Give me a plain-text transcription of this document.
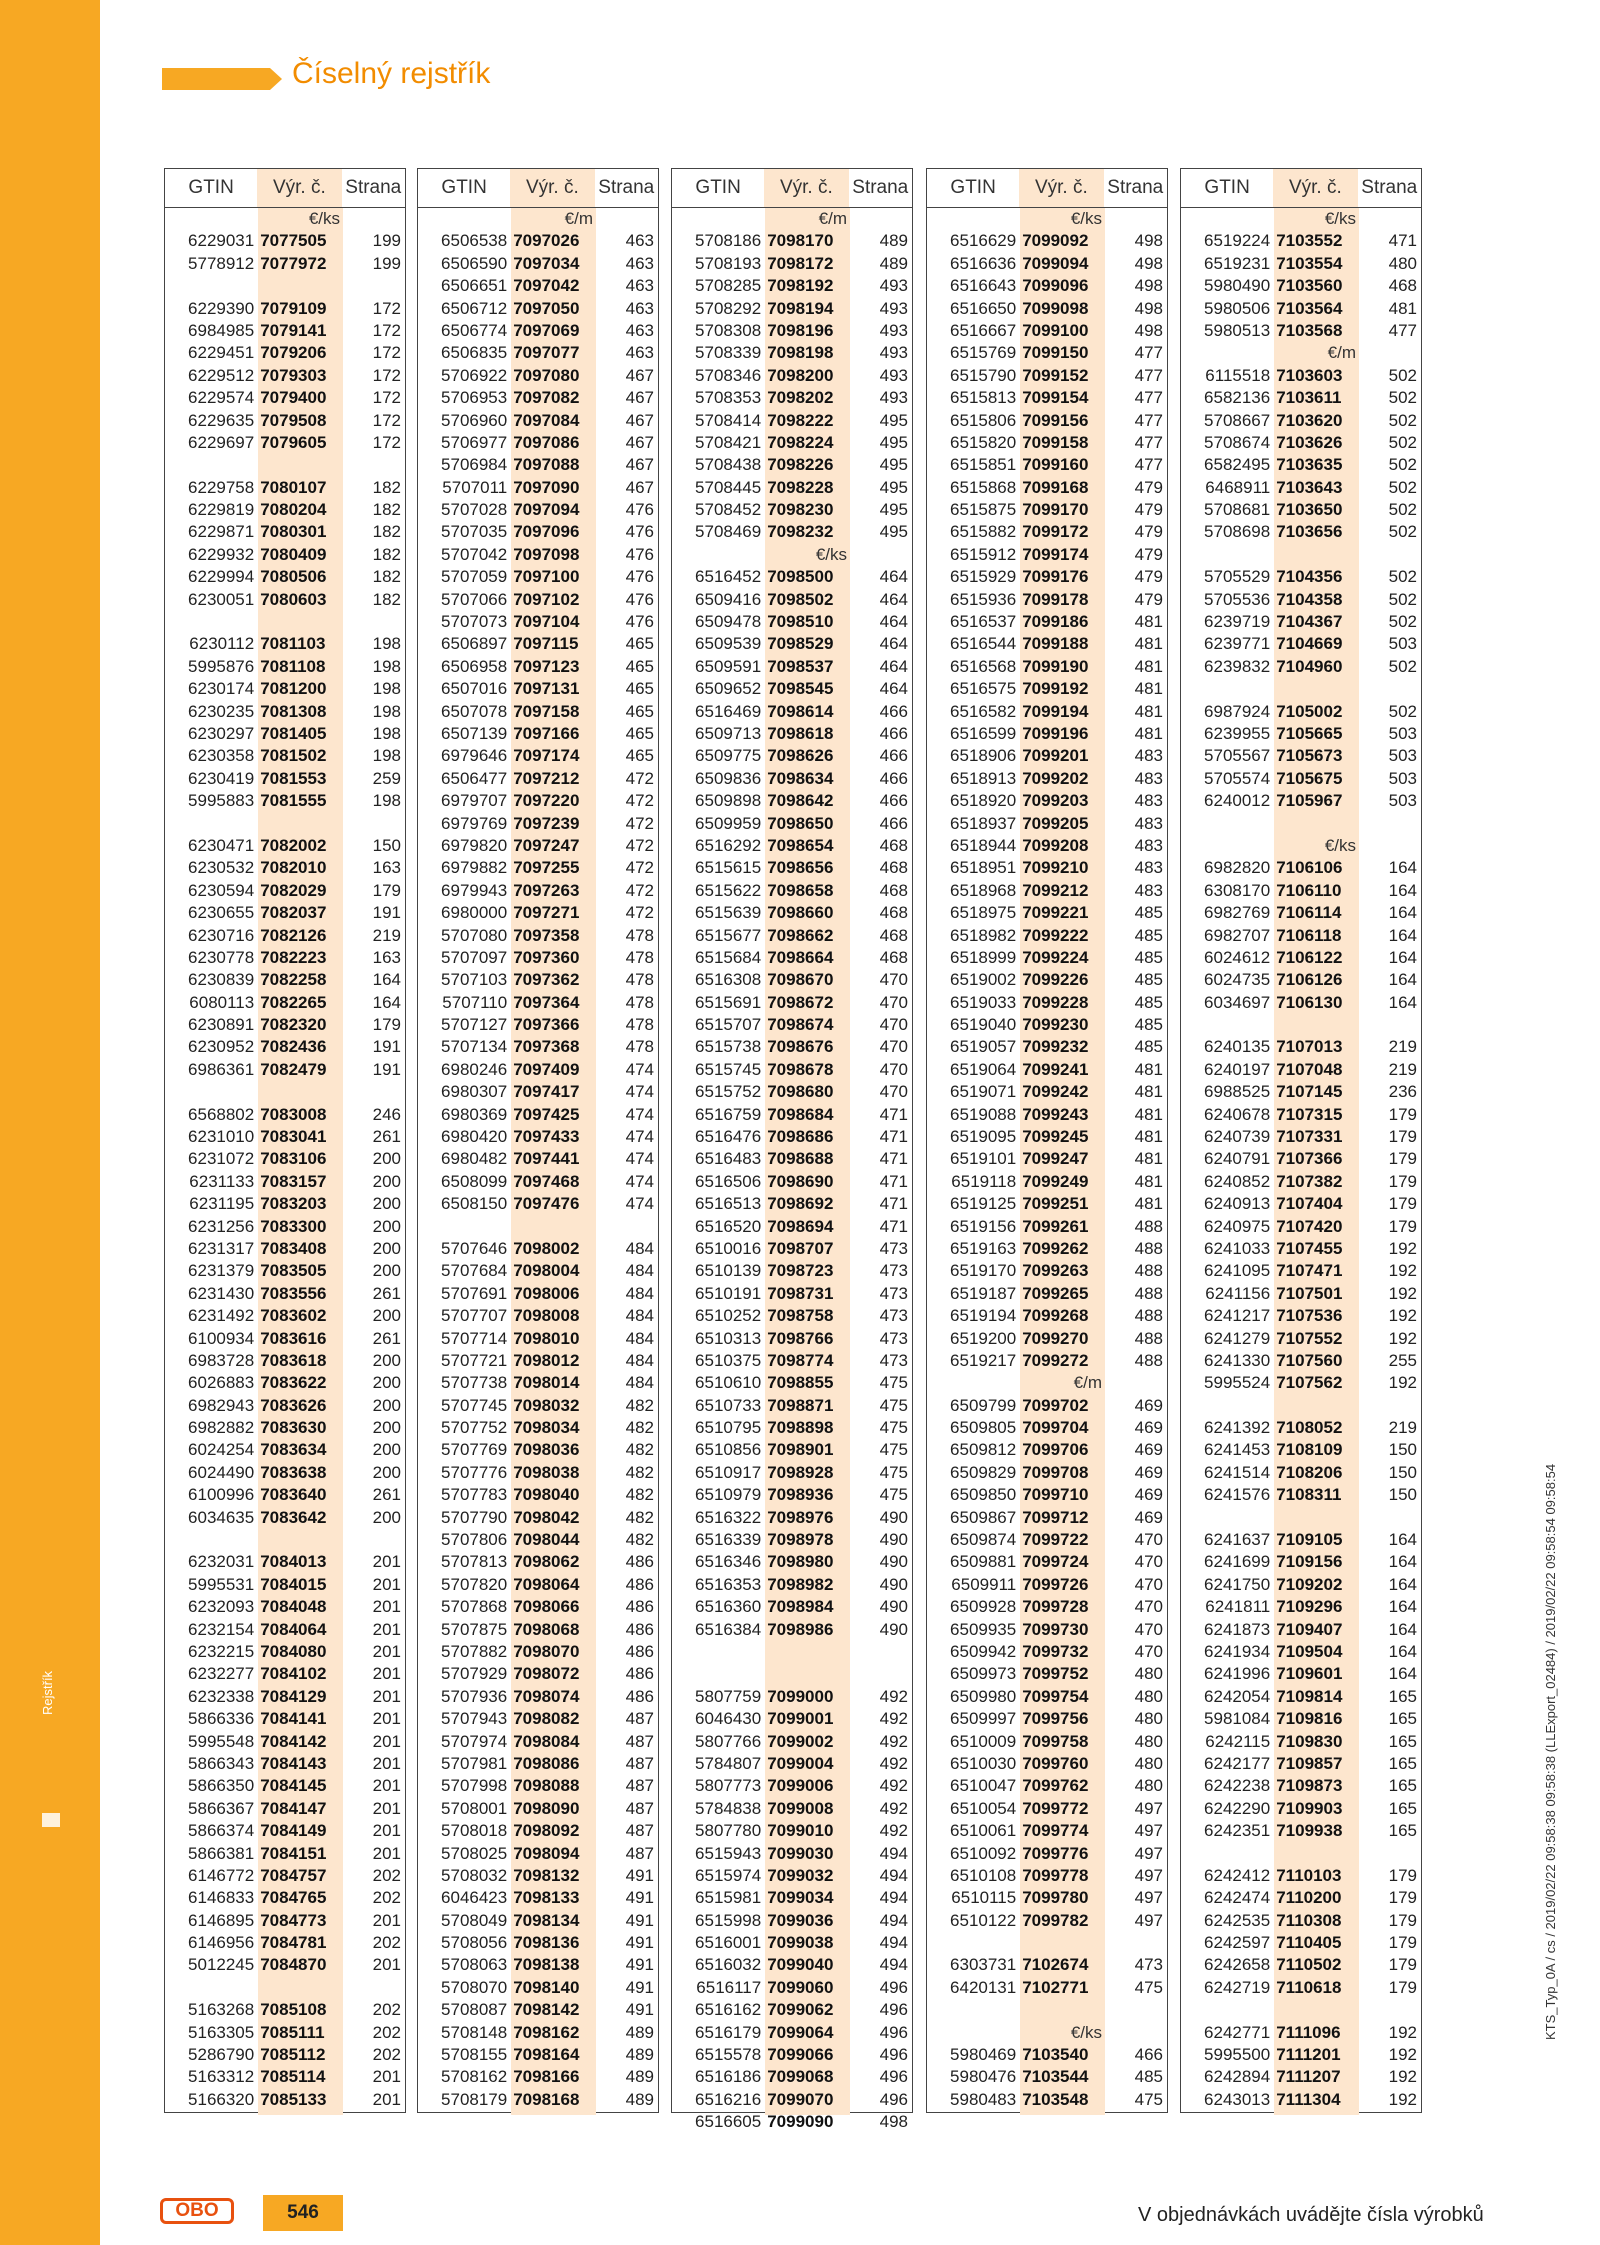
Rejstřík
Číselný rejstřík
GTIN	Výr. č.	Strana
€/ks
6229031 7077505	199
5778912 7077972	199
6229390 7079109	172
6984985 7079141	172
6229451 7079206	172
6229512 7079303	172
6229574 7079400	172
6229635 7079508	172
6229697 7079605	172
6229758 7080107	182
6229819 7080204	182
6229871 7080301	182
6229932 7080409	182
6229994 7080506	182
6230051 7080603	182
6230112 7081103	198
5995876 7081108	198
6230174 7081200	198
6230235 7081308	198
6230297 7081405	198
6230358 7081502	198
6230419 7081553	259
5995883 7081555	198
6230471 7082002	150
6230532 7082010	163
6230594 7082029	179
6230655 7082037	191
6230716 7082126	219
6230778 7082223	163
6230839 7082258	164
6080113 7082265	164
6230891 7082320	179
6230952 7082436	191
6986361 7082479	191
6568802 7083008	246
6231010 7083041	261
6231072 7083106	200
6231133 7083157	200
6231195 7083203	200
6231256 7083300	200
6231317 7083408	200
6231379 7083505	200
6231430 7083556	261
6231492 7083602	200
6100934 7083616	261
6983728 7083618	200
6026883 7083622	200
6982943 7083626	200
6982882 7083630	200
6024254 7083634	200
6024490 7083638	200
6100996 7083640	261
6034635 7083642	200
6232031 7084013	201
5995531 7084015	201
6232093 7084048	201
6232154 7084064	201
6232215 7084080	201
6232277 7084102	201
6232338 7084129	201
5866336 7084141	201
5995548 7084142	201
5866343 7084143	201
5866350 7084145	201
5866367 7084147	201
5866374 7084149	201
5866381 7084151	201
6146772 7084757	202
6146833 7084765	202
6146895 7084773	201
6146956 7084781	202
5012245 7084870	201
5163268 7085108	202
5163305 7085111	202
5286790 7085112	202
5163312 7085114	201
5166320 7085133	201
GTIN	Výr. č.	Strana
€/m
6506538 7097026	463
6506590 7097034	463
6506651 7097042	463
6506712 7097050	463
6506774 7097069	463
6506835 7097077	463
5706922 7097080	467
5706953 7097082	467
5706960 7097084	467
5706977 7097086	467
5706984 7097088	467
5707011 7097090	467
5707028 7097094	476
5707035 7097096	476
5707042 7097098	476
5707059 7097100	476
5707066 7097102	476
5707073 7097104	476
6506897 7097115	465
6506958 7097123	465
6507016 7097131	465
6507078 7097158	465
6507139 7097166	465
6979646 7097174	465
6506477 7097212	472
6979707 7097220	472
6979769 7097239	472
6979820 7097247	472
6979882 7097255	472
6979943 7097263	472
6980000 7097271	472
5707080 7097358	478
5707097 7097360	478
5707103 7097362	478
5707110 7097364	478
5707127 7097366	478
5707134 7097368	478
6980246 7097409	474
6980307 7097417	474
6980369 7097425	474
6980420 7097433	474
6980482 7097441	474
6508099 7097468	474
6508150 7097476	474
5707646 7098002	484
5707684 7098004	484
5707691 7098006	484
5707707 7098008	484
5707714 7098010	484
5707721 7098012	484
5707738 7098014	484
5707745 7098032	482
5707752 7098034	482
5707769 7098036	482
5707776 7098038	482
5707783 7098040	482
5707790 7098042	482
5707806 7098044	482
5707813 7098062	486
5707820 7098064	486
5707868 7098066	486
5707875 7098068	486
5707882 7098070	486
5707929 7098072	486
5707936 7098074	486
5707943 7098082	487
5707974 7098084	487
5707981 7098086	487
5707998 7098088	487
5708001 7098090	487
5708018 7098092	487
5708025 7098094	487
5708032 7098132	491
6046423 7098133	491
5708049 7098134	491
5708056 7098136	491
5708063 7098138	491
5708070 7098140	491
5708087 7098142	491
5708148 7098162	489
5708155 7098164	489
5708162 7098166	489
5708179 7098168	489
GTIN	Výr. č.	Strana
€/m
5708186 7098170	489
5708193 7098172	489
5708285 7098192	493
5708292 7098194	493
5708308 7098196	493
5708339 7098198	493
5708346 7098200	493
5708353 7098202	493
5708414 7098222	495
5708421 7098224	495
5708438 7098226	495
5708445 7098228	495
5708452 7098230	495
5708469 7098232	495
€/ks
6516452 7098500	464
6509416 7098502	464
6509478 7098510	464
6509539 7098529	464
6509591 7098537	464
6509652 7098545	464
6516469 7098614	466
6509713 7098618	466
6509775 7098626	466
6509836 7098634	466
6509898 7098642	466
6509959 7098650	466
6516292 7098654	468
6515615 7098656	468
6515622 7098658	468
6515639 7098660	468
6515677 7098662	468
6515684 7098664	468
6516308 7098670	470
6515691 7098672	470
6515707 7098674	470
6515738 7098676	470
6515745 7098678	470
6515752 7098680	470
6516759 7098684	471
6516476 7098686	471
6516483 7098688	471
6516506 7098690	471
6516513 7098692	471
6516520 7098694	471
6510016 7098707	473
6510139 7098723	473
6510191 7098731	473
6510252 7098758	473
6510313 7098766	473
6510375 7098774	473
6510610 7098855	475
6510733 7098871	475
6510795 7098898	475
6510856 7098901	475
6510917 7098928	475
6510979 7098936	475
6516322 7098976	490
6516339 7098978	490
6516346 7098980	490
6516353 7098982	490
6516360 7098984	490
6516384 7098986	490
5807759 7099000	492
6046430 7099001	492
5807766 7099002	492
5784807 7099004	492
5807773 7099006	492
5784838 7099008	492
5807780 7099010	492
6515943 7099030	494
6515974 7099032	494
6515981 7099034	494
6515998 7099036	494
6516001 7099038	494
6516032 7099040	494
6516117 7099060	496
6516162 7099062	496
6516179 7099064	496
6515578 7099066	496
6516186 7099068	496
6516216 7099070	496
6516605 7099090	498
GTIN	Výr. č.	Strana
€/ks
6516629 7099092	498
6516636 7099094	498
6516643 7099096	498
6516650 7099098	498
6516667 7099100	498
6515769 7099150	477
6515790 7099152	477
6515813 7099154	477
6515806 7099156	477
6515820 7099158	477
6515851 7099160	477
6515868 7099168	479
6515875 7099170	479
6515882 7099172	479
6515912 7099174	479
6515929 7099176	479
6515936 7099178	479
6516537 7099186	481
6516544 7099188	481
6516568 7099190	481
6516575 7099192	481
6516582 7099194	481
6516599 7099196	481
6518906 7099201	483
6518913 7099202	483
6518920 7099203	483
6518937 7099205	483
6518944 7099208	483
6518951 7099210	483
6518968 7099212	483
6518975 7099221	485
6518982 7099222	485
6518999 7099224	485
6519002 7099226	485
6519033 7099228	485
6519040 7099230	485
6519057 7099232	485
6519064 7099241	481
6519071 7099242	481
6519088 7099243	481
6519095 7099245	481
6519101 7099247	481
6519118 7099249	481
6519125 7099251	481
6519156 7099261	488
6519163 7099262	488
6519170 7099263	488
6519187 7099265	488
6519194 7099268	488
6519200 7099270	488
6519217 7099272	488
€/m
6509799 7099702	469
6509805 7099704	469
6509812 7099706	469
6509829 7099708	469
6509850 7099710	469
6509867 7099712	469
6509874 7099722	470
6509881 7099724	470
6509911 7099726	470
6509928 7099728	470
6509935 7099730	470
6509942 7099732	470
6509973 7099752	480
6509980 7099754	480
6509997 7099756	480
6510009 7099758	480
6510030 7099760	480
6510047 7099762	480
6510054 7099772	497
6510061 7099774	497
6510092 7099776	497
6510108 7099778	497
6510115 7099780	497
6510122 7099782	497
6303731 7102674	473
6420131 7102771	475
€/ks
5980469 7103540	466
5980476 7103544	485
5980483 7103548	475
GTIN	Výr. č.	Strana
€/ks
6519224 7103552	471
6519231 7103554	480
5980490 7103560	468
5980506 7103564	481
5980513 7103568	477
€/m
6115518 7103603	502
6582136 7103611	502
5708667 7103620	502
5708674 7103626	502
6582495 7103635	502
6468911 7103643	502
5708681 7103650	502
5708698 7103656	502
5705529 7104356	502
5705536 7104358	502
6239719 7104367	502
6239771 7104669	503
6239832 7104960	502
6987924 7105002	502
6239955 7105665	503
5705567 7105673	503
5705574 7105675	503
6240012 7105967	503
€/ks
6982820 7106106	164
6308170 7106110	164
6982769 7106114	164
6982707 7106118	164
6024612 7106122	164
6024735 7106126	164
6034697 7106130	164
6240135 7107013	219
6240197 7107048	219
6988525 7107145	236
6240678 7107315	179
6240739 7107331	179
6240791 7107366	179
6240852 7107382	179
6240913 7107404	179
6240975 7107420	179
6241033 7107455	192
6241095 7107471	192
6241156 7107501	192
6241217 7107536	192
6241279 7107552	192
6241330 7107560	255
5995524 7107562	192
6241392 7108052	219
6241453 7108109	150
6241514 7108206	150
6241576 7108311	150
6241637 7109105	164
6241699 7109156	164
6241750 7109202	164
6241811 7109296	164
6241873 7109407	164
6241934 7109504	164
6241996 7109601	164
6242054 7109814	165
5981084 7109816	165
6242115 7109830	165
6242177 7109857	165
6242238 7109873	165
6242290 7109903	165
6242351 7109938	165
6242412 7110103	179
6242474 7110200	179
6242535 7110308	179
6242597 7110405	179
6242658 7110502	179
6242719 7110618	179
6242771 7111096	192
5995500 7111201	192
6242894 7111207	192
6243013 7111304	192
OBO	546	V objednávkách uvádějte čísla výrobků
KTS_Typ_0A / cs / 2019/02/22 09:58:38 09:58:38 (LLExport_02484) / 2019/02/22 09:58:54 09:58:54
